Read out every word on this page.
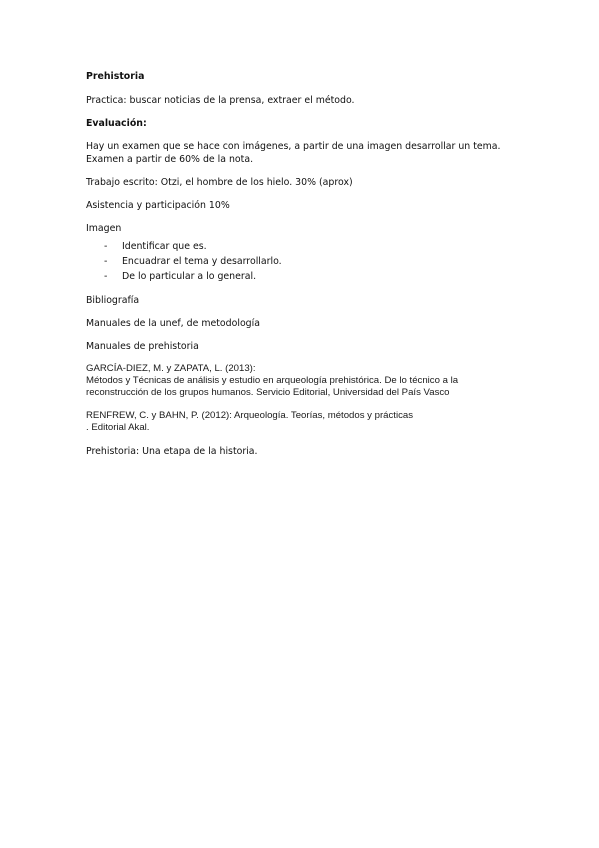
Prehistoria

Practica: buscar noticias de la prensa, extraer el método.

Evaluación:

Hay un examen que se hace con imágenes, a partir de una imagen desarrollar un tema.

Examen a partir de 60% de la nota.

Trabajo escrito: Otzi, el hombre de los hielo. 30% (aprox)

Asistencia y participación 10%

Imagen

- Identificar que es.
- Encuadrar el tema y desarrollarlo.
- De lo particular a lo general.

Bibliografía

Manuales de la unef, de metodología

Manuales de prehistoria

GARCÍA-DIEZ, M. y ZAPATA, L. (2013):

Métodos y Técnicas de análisis y estudio en arqueología prehistórica. De lo técnico a la

reconstrucción de los grupos humanos. Servicio Editorial, Universidad del País Vasco

RENFREW, C. y BAHN, P. (2012): Arqueología. Teorías, métodos y prácticas

. Editorial Akal.

Prehistoria: Una etapa de la historia.
